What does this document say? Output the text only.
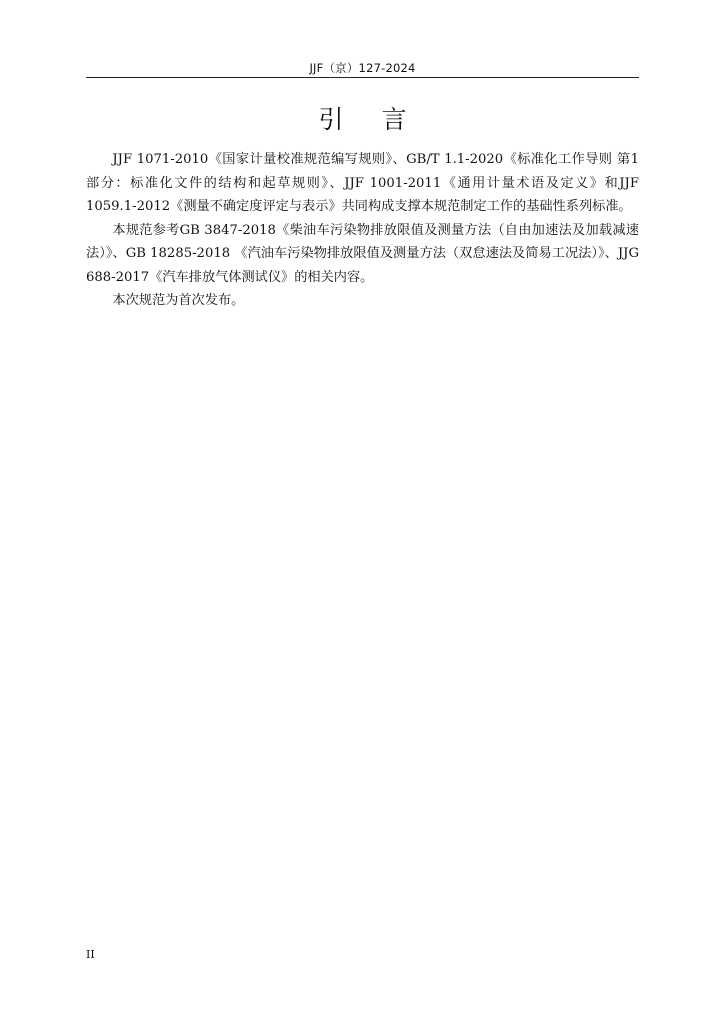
JJF（京）127-2024
引言

JJF 1071-2010《国家计量校准规范编写规则》、GB/T 1.1-2020《标准化工作导则 第1部分：标准化文件的结构和起草规则》、JJF 1001-2011《通用计量术语及定义》和JJF 1059.1-2012《测量不确定度评定与表示》共同构成支撑本规范制定工作的基础性系列标准。

本规范参考GB 3847-2018《柴油车污染物排放限值及测量方法（自由加速法及加载减速法）》、GB 18285-2018 《汽油车污染物排放限值及测量方法（双怠速法及简易工况法）》、JJG 688-2017《汽车排放气体测试仪》的相关内容。

本次规范为首次发布。

II
